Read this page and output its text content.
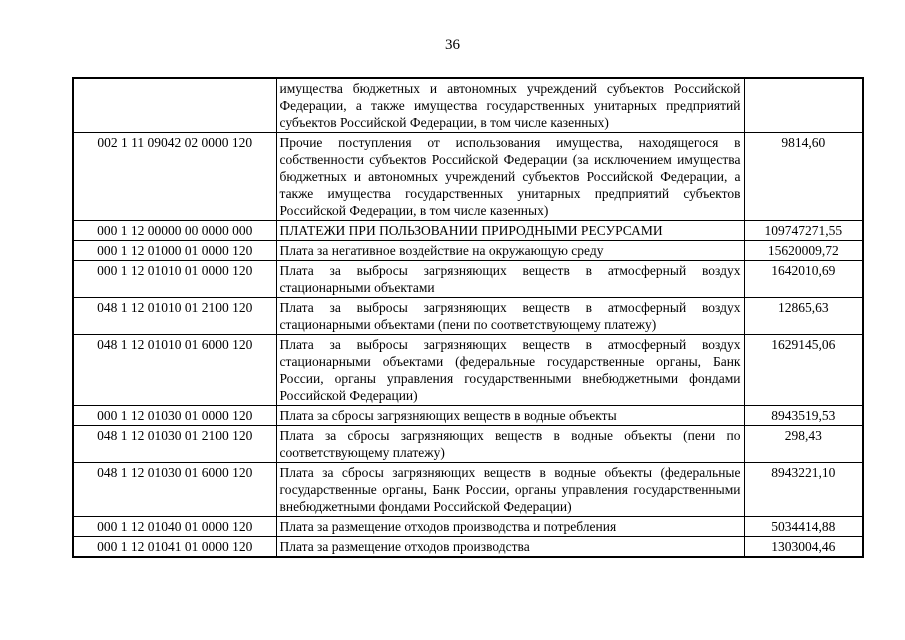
36
	имущества бюджетных и автономных учреждений субъектов Российской Федерации, а также имущества государственных унитарных предприятий субъектов Российской Федерации, в том числе казенных)	
002 1 11 09042 02 0000 120	Прочие поступления от использования имущества, находящегося в собственности субъектов Российской Федерации (за исключением имущества бюджетных и автономных учреждений субъектов Российской Федерации, а также имущества государственных унитарных предприятий субъектов Российской Федерации, в том числе казенных)	9814,60
000 1 12 00000 00 0000 000	ПЛАТЕЖИ ПРИ ПОЛЬЗОВАНИИ ПРИРОДНЫМИ РЕСУРСАМИ	109747271,55
000 1 12 01000 01 0000 120	Плата за негативное воздействие на окружающую среду	15620009,72
000 1 12 01010 01 0000 120	Плата за выбросы загрязняющих веществ в атмосферный воздух стационарными объектами	1642010,69
048 1 12 01010 01 2100 120	Плата за выбросы загрязняющих веществ в атмосферный воздух стационарными объектами (пени по соответствующему платежу)	12865,63
048 1 12 01010 01 6000 120	Плата за выбросы загрязняющих веществ в атмосферный воздух стационарными объектами (федеральные государственные органы, Банк России, органы управления государственными внебюджетными фондами Российской Федерации)	1629145,06
000 1 12 01030 01 0000 120	Плата за сбросы загрязняющих веществ в водные объекты	8943519,53
048 1 12 01030 01 2100 120	Плата за сбросы загрязняющих веществ в водные объекты (пени по соответствующему платежу)	298,43
048 1 12 01030 01 6000 120	Плата за сбросы загрязняющих веществ в водные объекты (федеральные государственные органы, Банк России, органы управления государственными внебюджетными фондами Российской Федерации)	8943221,10
000 1 12 01040 01 0000 120	Плата за размещение отходов производства и потребления	5034414,88
000 1 12 01041 01 0000 120	Плата за размещение отходов производства	1303004,46
